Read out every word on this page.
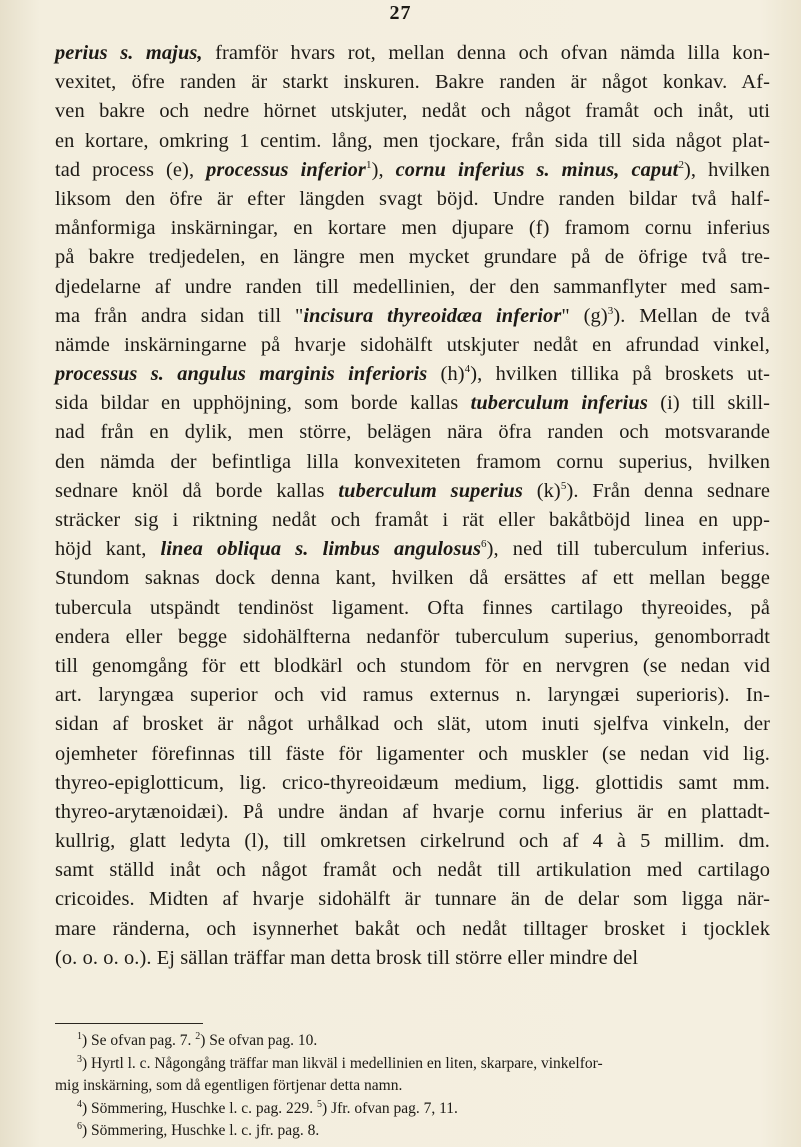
27
perius s. majus, framför hvars rot, mellan denna och ofvan nämda lilla kon-
vexitet, öfre randen är starkt inskuren. Bakre randen är något konkav. Af-
ven bakre och nedre hörnet utskjuter, nedåt och något framåt och inåt, uti
en kortare, omkring 1 centim. lång, men tjockare, från sida till sida något plat-
tad process (e), processus inferior$^1$), cornu inferius s. minus, caput$^2$), hvilken
liksom den öfre är efter längden svagt böjd. Undre randen bildar två half-
månformiga inskärningar, en kortare men djupare (f) framom cornu inferius
på bakre tredjedelen, en längre men mycket grundare på de öfrige två tre-
djedelarne af undre randen till medellinien, der den sammanflyter med sam-
ma från andra sidan till "incisura thyreoidæa inferior" $(g)^3$). Mellan de två
nämde inskärningarne på hvarje sidohälft utskjuter nedåt en afrundad vinkel,
processus s. angulus marginis inferioris $(h)^4$), hvilken tillika på broskets ut-
sida bildar en upphöjning, som borde kallas tuberculum inferius (i) till skill-
nad från en dylik, men större, belägen nära öfra randen och motsvarande
den nämda der befintliga lilla konvexiteten framom cornu superius, hvilken
sednare knöl då borde kallas tuberculum superius $(k)^5$). Från denna sednare
sträcker sig i riktning nedåt och framåt i rät eller bakåtböjd linea en upp-
höjd kant, linea obliqua s. limbus angulosus$^6$), ned till tuberculum inferius.
Stundom saknas dock denna kant, hvilken då ersättes af ett mellan begge
tubercula utspändt tendinöst ligament. Ofta finnes cartilago thyreoides, på
endera eller begge sidohälfterna nedanför tuberculum superius, genomborradt
till genomgång för ett blodkärl och stundom för en nervgren (se nedan vid
art. laryngæa superior och vid ramus externus n. laryngæi superioris). In-
sidan af brosket är något urhålkad och slät, utom inuti sjelfva vinkeln, der
ojemheter förefinnas till fäste för ligamenter och muskler (se nedan vid lig.
thyreo-epiglotticum, lig. crico-thyreoidæum medium, ligg. glottidis samt mm.
thyreo-arytænoidæi). På undre ändan af hvarje cornu inferius är en plattadt-
kullrig, glatt ledyta (l), till omkretsen cirkelrund och af 4 à 5 millim. dm.
samt ställd inåt och något framåt och nedåt till artikulation med cartilago
cricoides. Midten af hvarje sidohälft är tunnare än de delar som ligga när-
mare ränderna, och isynnerhet bakåt och nedåt tilltager brosket i tjocklek
(o. o. o. o.). Ej sällan träffar man detta brosk till större eller mindre del
$^1$) Se ofvan pag. 7. $^2$) Se ofvan pag. 10.
$^3$) Hyrtl l. c. Någongång träffar man likväl i medellinien en liten, skarpare, vinkelfor-
mig inskärning, som då egentligen förtjenar detta namn.
$^4$) Sömmering, Huschke l. c. pag. 229. $^5$) Jfr. ofvan pag. 7, 11.
$^6$) Sömmering, Huschke l. c. jfr. pag. 8.
